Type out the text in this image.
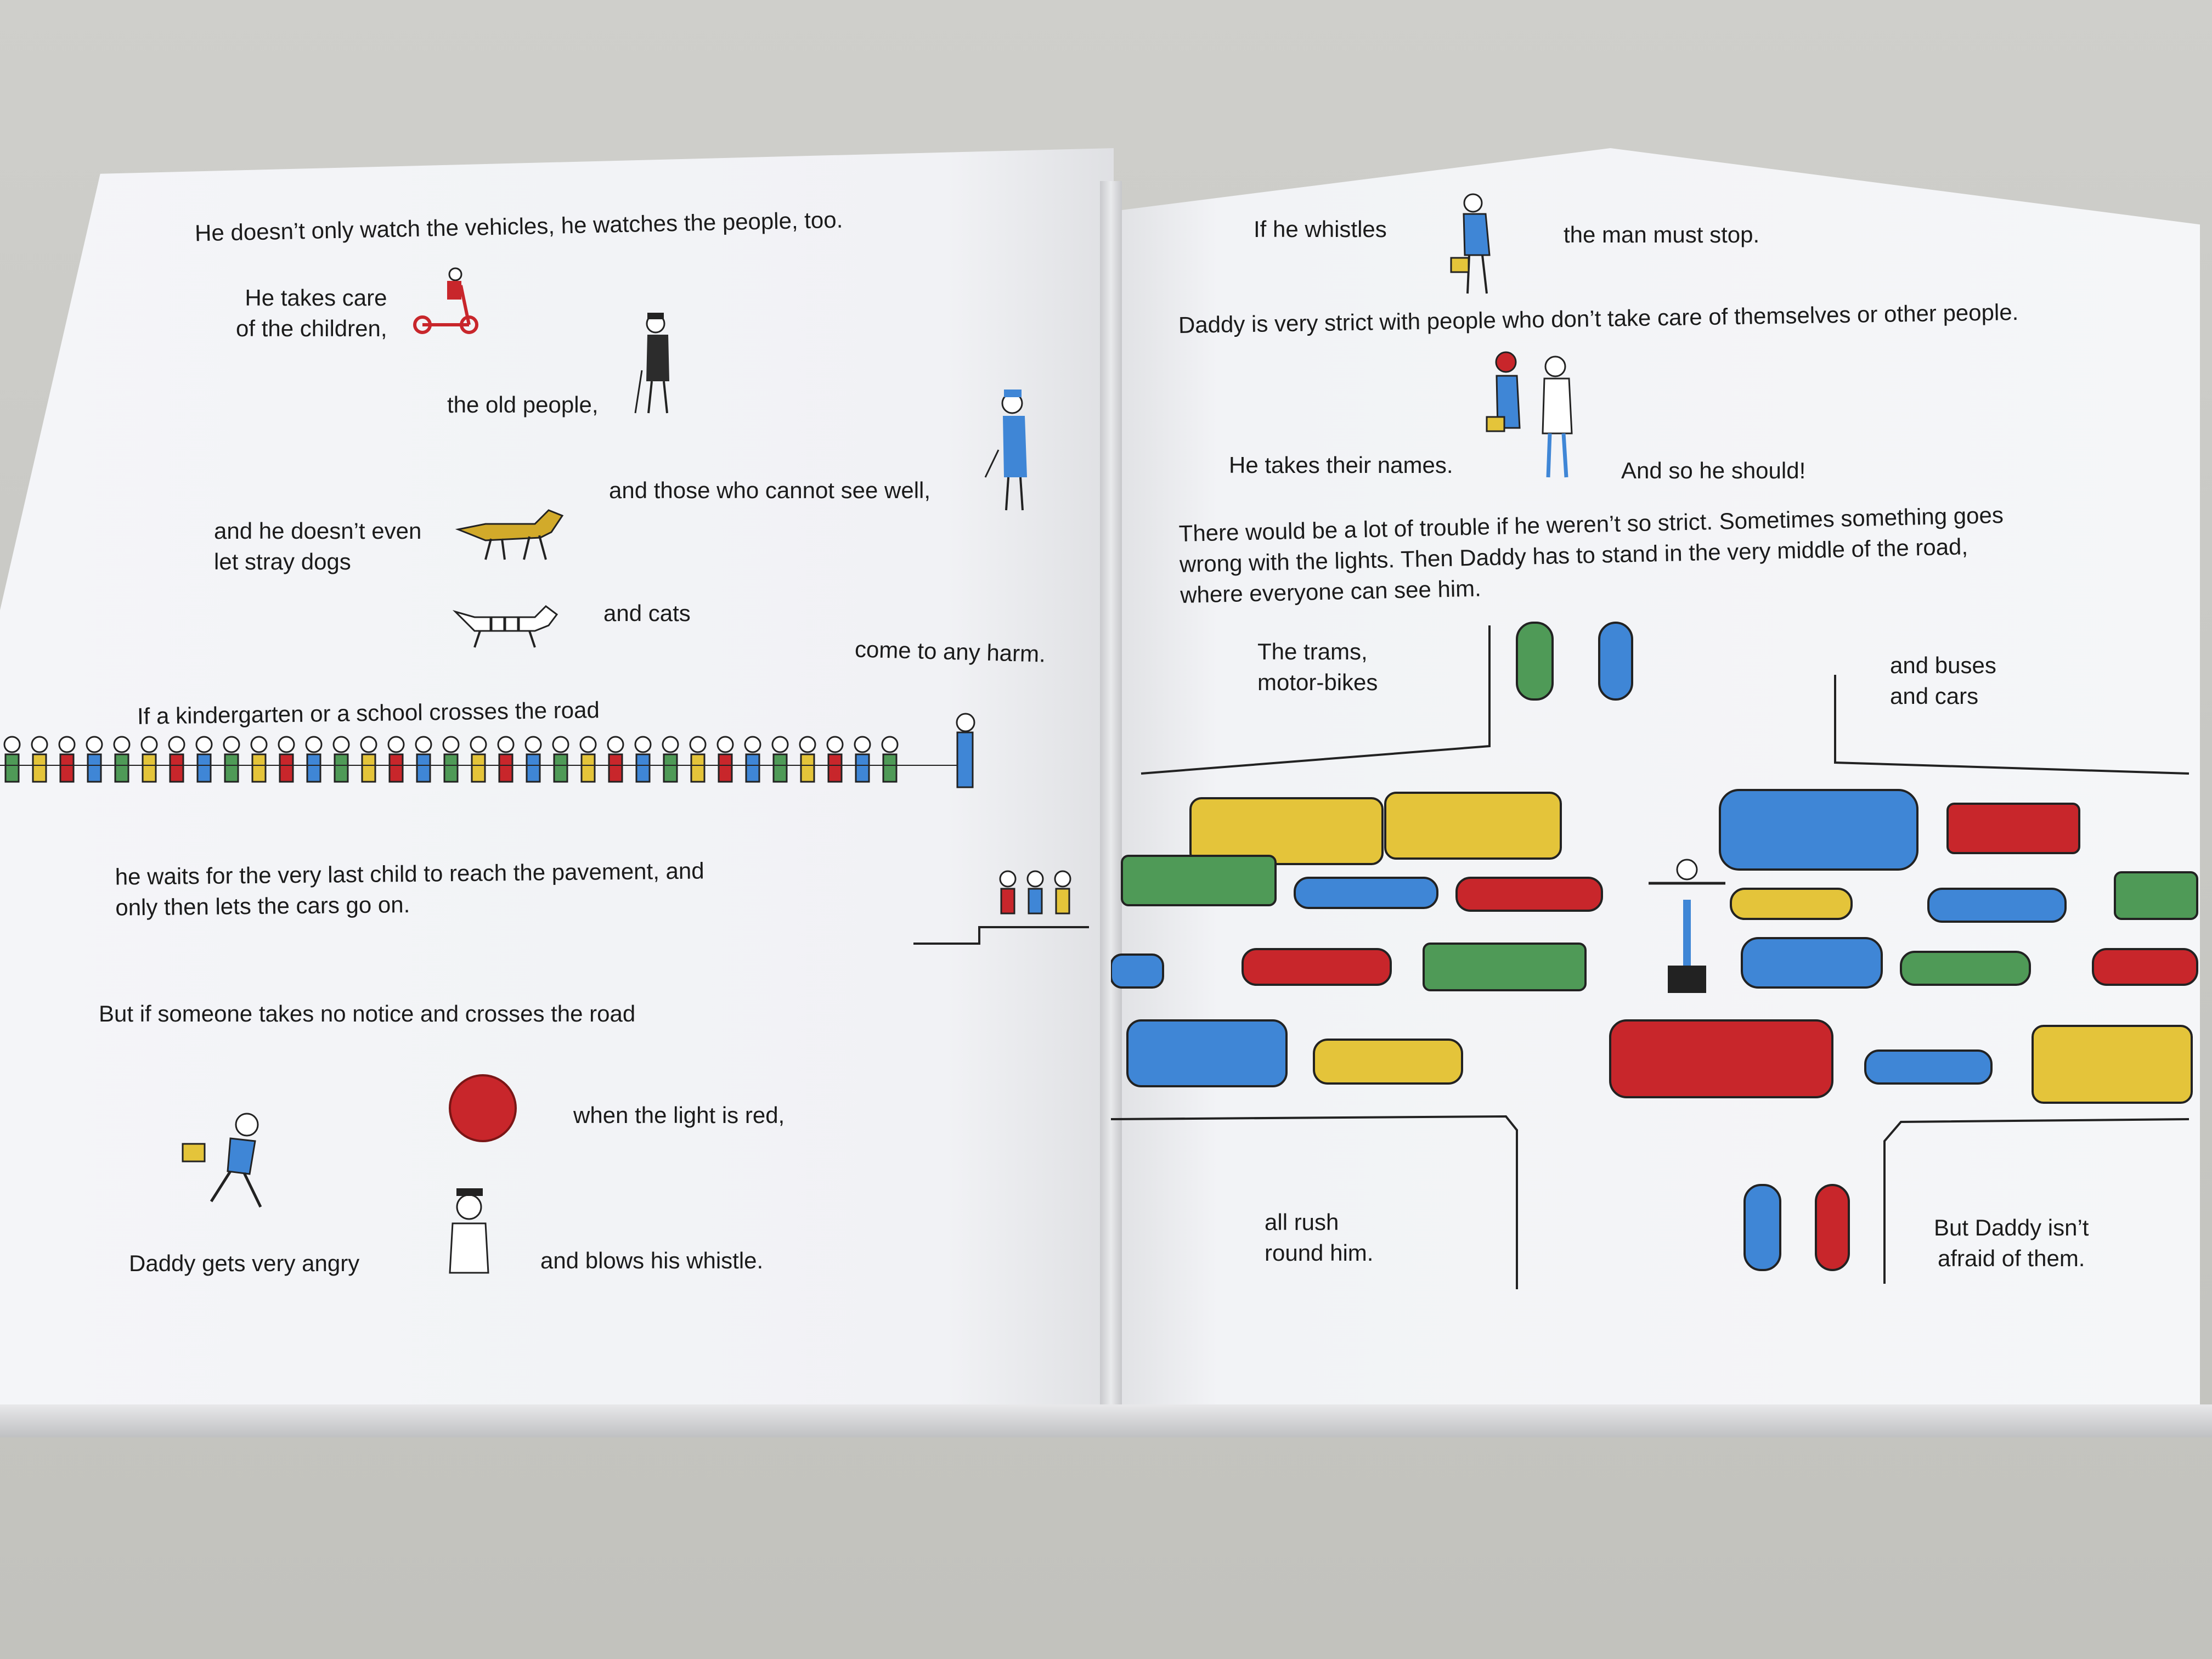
He doesn’t only watch the vehicles, he watches the people, too.
He takes care
of the children,
the old people,
and those who cannot see well,
and he doesn’t even
let stray dogs
and cats
come to any harm.
If a kindergarten or a school crosses the road
he waits for the very last child to reach the pavement, and
only then lets the cars go on.
But if someone takes no notice and crosses the road
when the light is red,
Daddy gets very angry	and blows his whistle.
If he whistles	the man must stop.
Daddy is very strict with people who don’t take care of themselves or other people.
He takes their names.	And so he should!
There would be a lot of trouble if he weren’t so strict. Sometimes something goes
wrong with the lights. Then Daddy has to stand in the very middle of the road,
where everyone can see him.
The trams,
motor-bikes
and buses
and cars
all rush
round him.
But Daddy isn’t
afraid of them.
